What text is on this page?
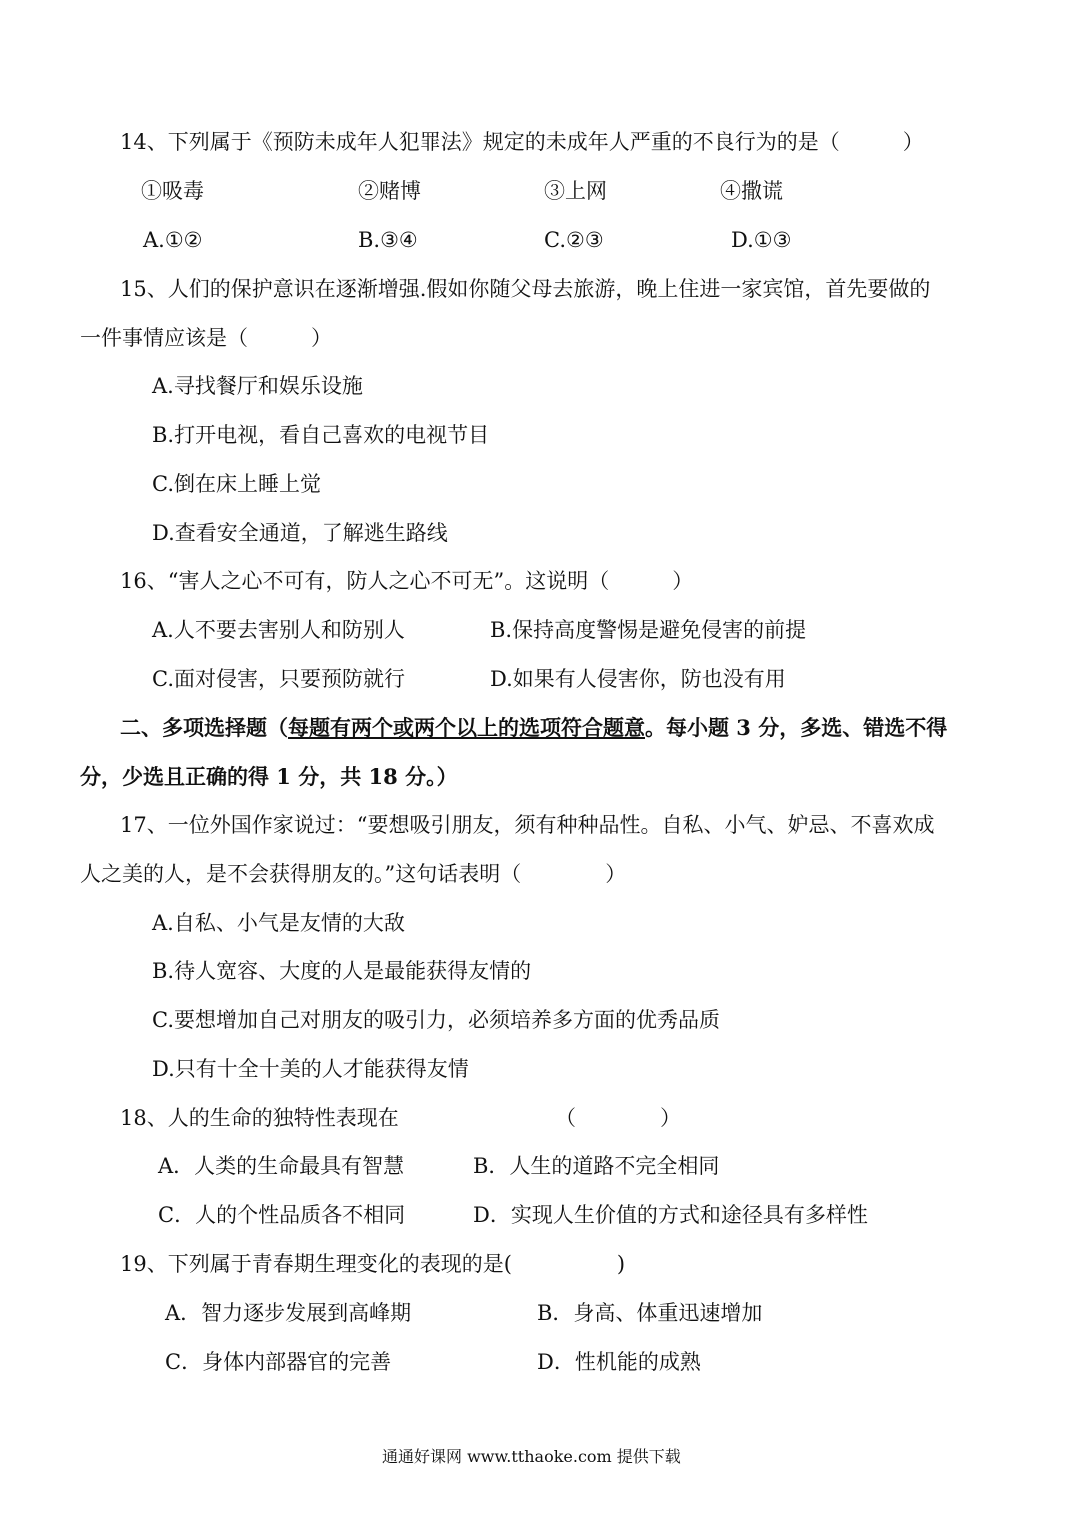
14、下列属于《预防未成年人犯罪法》规定的未成年人严重的不良行为的是（　　　）
①吸毒	②赌博	③上网	④撒谎
A.①②	B.③④	C.②③	D.①③
15、人们的保护意识在逐渐增强.假如你随父母去旅游，晚上住进一家宾馆，首先要做的
一件事情应该是（　　　）
A.寻找餐厅和娱乐设施
B.打开电视，看自己喜欢的电视节目
C.倒在床上睡上觉
D.查看安全通道，了解逃生路线
16、“害人之心不可有，防人之心不可无”。这说明（　　　）
A.人不要去害别人和防别人	B.保持高度警惕是避免侵害的前提
C.面对侵害，只要预防就行	D.如果有人侵害你，防也没有用
二、多项选择题（每题有两个或两个以上的选项符合题意。每小题 3 分，多选、错选不得
分，少选且正确的得 1 分，共 18 分。）
17、一位外国作家说过：“要想吸引朋友，须有种种品性。自私、小气、妒忌、不喜欢成
人之美的人，是不会获得朋友的。”这句话表明（　　　　）
A.自私、小气是友情的大敌
B.待人宽容、大度的人是最能获得友情的
C.要想增加自己对朋友的吸引力，必须培养多方面的优秀品质
D.只有十全十美的人才能获得友情
18、人的生命的独特性表现在	（　　　　）
A．人类的生命最具有智慧	B．人生的道路不完全相同
C．人的个性品质各不相同	D．实现人生价值的方式和途径具有多样性
19、下列属于青春期生理变化的表现的是(　　　　　)
A．智力逐步发展到高峰期	B．身高、体重迅速增加
C．身体内部器官的完善	D．性机能的成熟
通通好课网 www.tthaoke.com 提供下载
